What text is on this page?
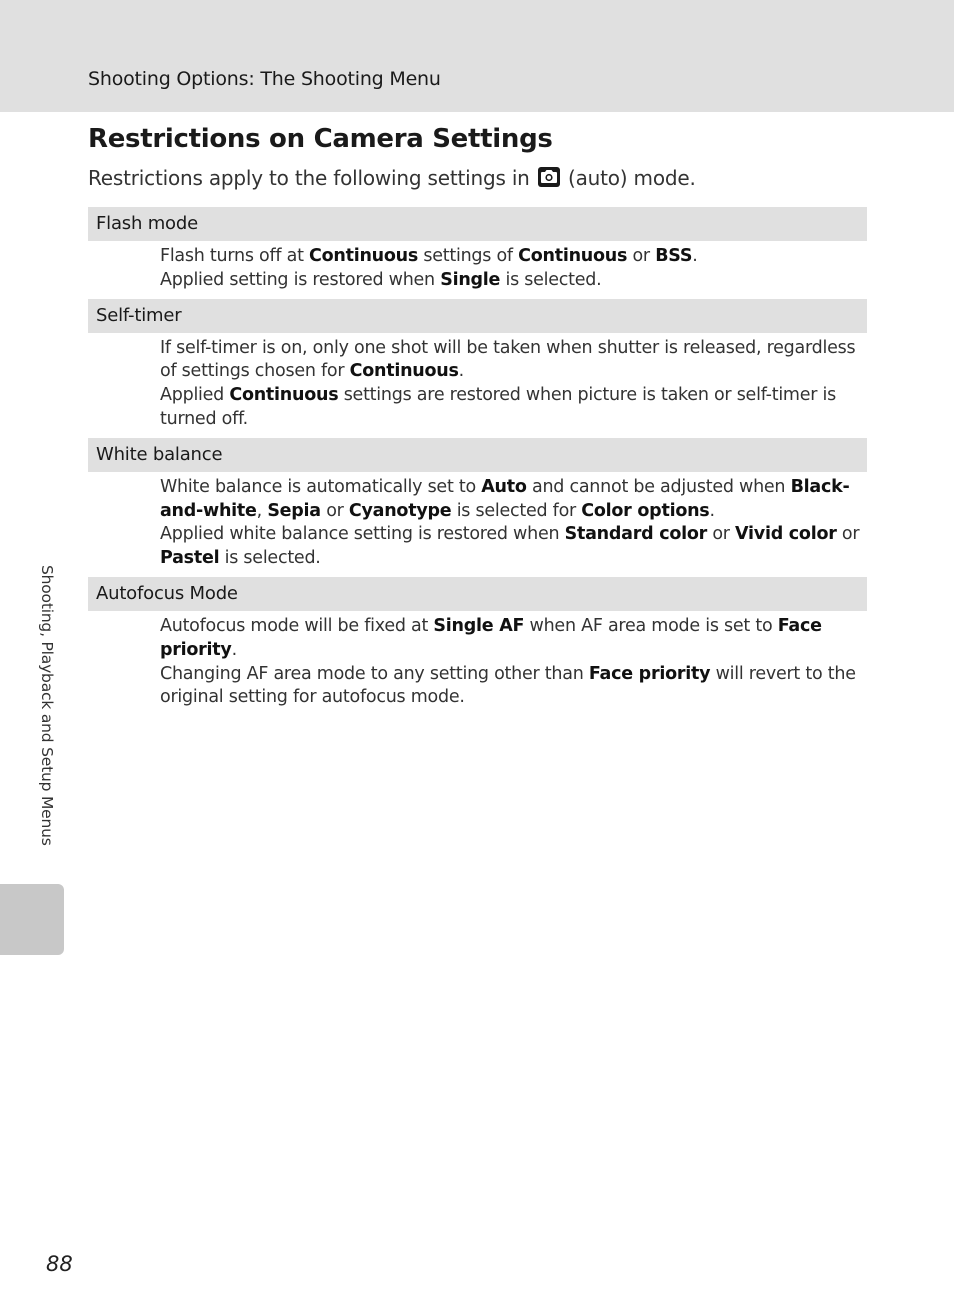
Shooting Options: The Shooting Menu
Restrictions on Camera Settings

Restrictions apply to the following settings in
(auto) mode.

Flash mode

Flash turns off at Continuous settings of Continuous or BSS.

Applied setting is restored when Single is selected.

Self-timer

If self-timer is on, only one shot will be taken when shutter is released, regardless of settings chosen for Continuous.

Applied Continuous settings are restored when picture is taken or self-timer is turned off.

White balance

White balance is automatically set to Auto and cannot be adjusted when Black-and-white, Sepia or Cyanotype is selected for Color options.

Applied white balance setting is restored when Standard color or Vivid color or Pastel is selected.

Autofocus Mode

Autofocus mode will be fixed at Single AF when AF area mode is set to Face priority.

Changing AF area mode to any setting other than Face priority will revert to the original setting for autofocus mode.

Shooting, Playback and Setup Menus
88
